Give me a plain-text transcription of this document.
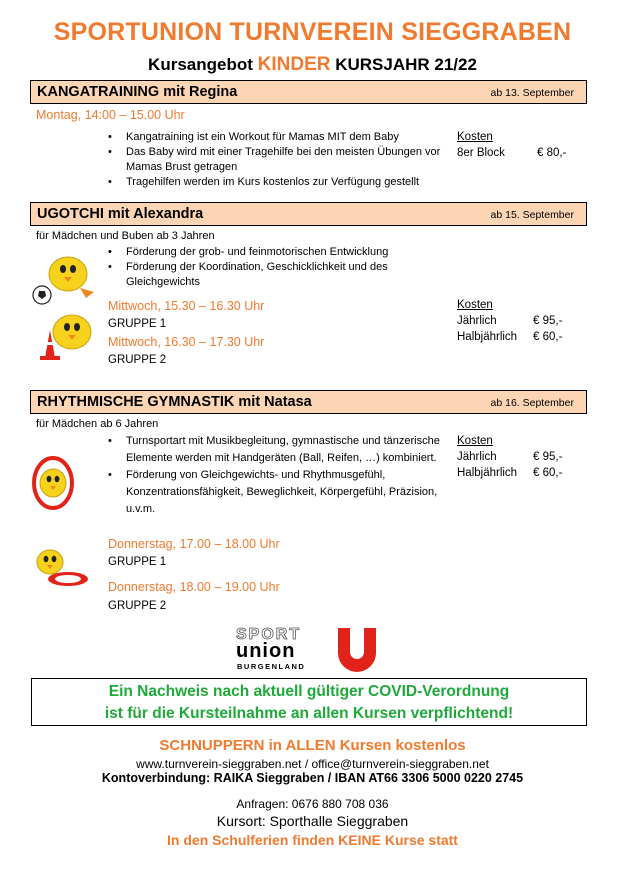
SPORTUNION TURNVEREIN SIEGGRABEN
Kursangebot KINDER KURSJAHR 21/22
KANGATRAINING mit Regina	ab 13. September
Montag, 14:00 – 15.00 Uhr
• Kangatraining ist ein Workout für Mamas MIT dem Baby
• Das Baby wird mit einer Tragehilfe bei den meisten Übungen vor Mamas Brust getragen
• Tragehilfen werden im Kurs kostenlos zur Verfügung gestellt
Kosten
8er Block	€ 80,-
UGOTCHI mit Alexandra	ab 15. September
für Mädchen und Buben ab 3 Jahren
• Förderung der grob- und feinmotorischen Entwicklung
• Förderung der Koordination, Geschicklichkeit und des Gleichgewichts
Mittwoch, 15.30 – 16.30 Uhr
GRUPPE 1
Mittwoch, 16.30 – 17.30 Uhr
GRUPPE 2
Kosten
Jährlich	€ 95,-
Halbjährlich € 60,-
RHYTHMISCHE GYMNASTIK mit Natasa	ab 16. September
für Mädchen ab 6 Jahren
• Turnsportart mit Musikbegleitung, gymnastische und tänzerische Elemente werden mit Handgeräten (Ball, Reifen, …) kombiniert.
• Förderung von Gleichgewichts- und Rhythmusgefühl, Konzentrationsfähigkeit, Beweglichkeit, Körpergefühl, Präzision, u.v.m.
Donnerstag, 17.00 – 18.00 Uhr
GRUPPE 1
Donnerstag, 18.00 – 19.00 Uhr
GRUPPE 2
Kosten
Jährlich	€ 95,-
Halbjährlich € 60,-
SPORT
union
BURGENLAND
Ein Nachweis nach aktuell gültiger COVID-Verordnung
ist für die Kursteilnahme an allen Kursen verpflichtend!
SCHNUPPERN in ALLEN Kursen kostenlos
www.turnverein-sieggraben.net / office@turnverein-sieggraben.net
Kontoverbindung: RAIKA Sieggraben / IBAN AT66 3306 5000 0220 2745
Anfragen: 0676 880 708 036
Kursort: Sporthalle Sieggraben
In den Schulferien finden KEINE Kurse statt
